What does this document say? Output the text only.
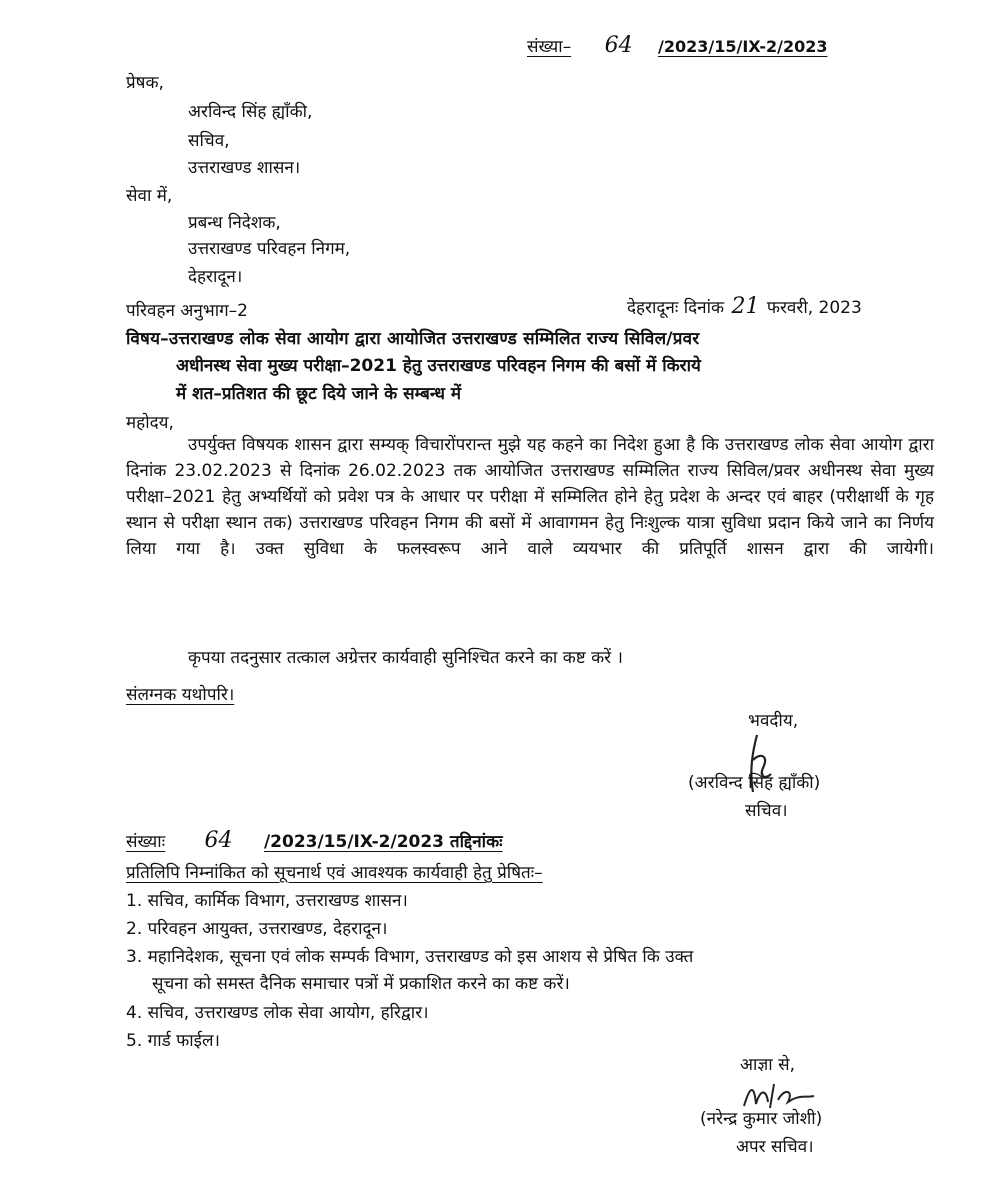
संख्या– 64 /2023/15/IX-2/2023
प्रेषक,
अरविन्द सिंह ह्याँकी,
सचिव,
उत्तराखण्ड शासन।
सेवा में,
प्रबन्ध निदेशक,
उत्तराखण्ड परिवहन निगम,
देहरादून।
परिवहन अनुभाग–2	देहरादूनः दिनांक 21 फरवरी, 2023
विषय–उत्तराखण्ड लोक सेवा आयोग द्वारा आयोजित उत्तराखण्ड सम्मिलित राज्य सिविल/प्रवर
अधीनस्थ सेवा मुख्य परीक्षा–2021 हेतु उत्तराखण्ड परिवहन निगम की बसों में किराये
में शत–प्रतिशत की छूट दिये जाने के सम्बन्ध में
महोदय,
उपर्युक्त विषयक शासन द्वारा सम्यक् विचारोंपरान्त मुझे यह कहने का निदेश हुआ है कि उत्तराखण्ड लोक सेवा आयोग द्वारा दिनांक 23.02.2023 से दिनांक 26.02.2023 तक आयोजित उत्तराखण्ड सम्मिलित राज्य सिविल/प्रवर अधीनस्थ सेवा मुख्य परीक्षा–2021 हेतु अभ्यर्थियों को प्रवेश पत्र के आधार पर परीक्षा में सम्मिलित होने हेतु प्रदेश के अन्दर एवं बाहर (परीक्षार्थी के गृह स्थान से परीक्षा स्थान तक) उत्तराखण्ड परिवहन निगम की बसों में आवागमन हेतु निःशुल्क यात्रा सुविधा प्रदान किये जाने का निर्णय लिया गया है। उक्त सुविधा के फलस्वरूप आने वाले व्ययभार की प्रतिपूर्ति शासन द्वारा की जायेगी।
कृपया तदनुसार तत्काल अग्रेत्तर कार्यवाही सुनिश्चित करने का कष्ट करें ।
संलग्नक यथोपरि।
भवदीय,
(अरविन्द सिंह ह्याँकी)
सचिव।
संख्याः 64 /2023/15/IX-2/2023 तद्दिनांकः
प्रतिलिपि निम्नांकित को सूचनार्थ एवं आवश्यक कार्यवाही हेतु प्रेषितः–
1. सचिव, कार्मिक विभाग, उत्तराखण्ड शासन।
2. परिवहन आयुक्त, उत्तराखण्ड, देहरादून।
3. महानिदेशक, सूचना एवं लोक सम्पर्क विभाग, उत्तराखण्ड को इस आशय से प्रेषित कि उक्त
सूचना को समस्त दैनिक समाचार पत्रों में प्रकाशित करने का कष्ट करें।
4. सचिव, उत्तराखण्ड लोक सेवा आयोग, हरिद्वार।
5. गार्ड फाईल।
आज्ञा से,
(नरेन्द्र कुमार जोशी)
अपर सचिव।
